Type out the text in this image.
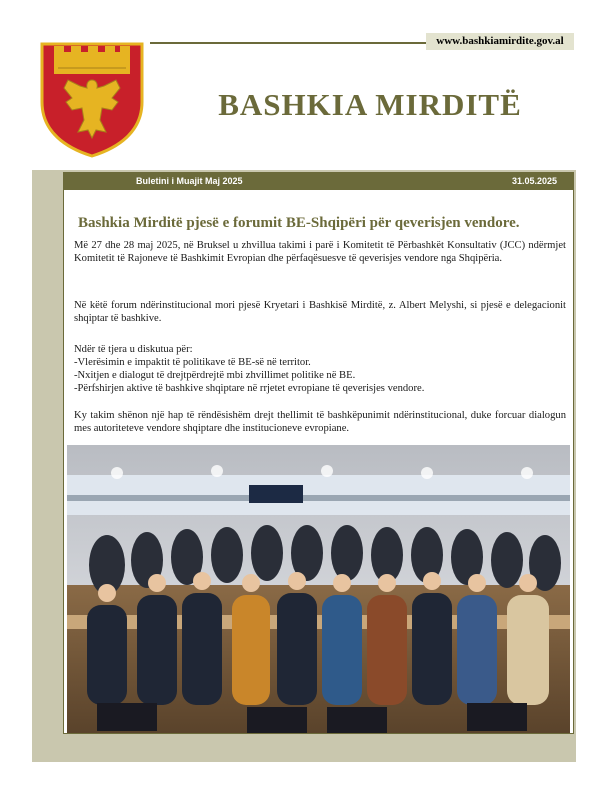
www.bashkiamirdite.gov.al
BASHKIA MIRDITË
Buletini i Muajit Maj 2025	31.05.2025
Bashkia Mirditë pjesë e forumit BE-Shqipëri për qeverisjen vendore.

Më 27 dhe 28 maj 2025, në Bruksel u zhvillua takimi i parë i Komitetit të Përbashkët Konsultativ (JCC) ndërmjet Komitetit të Rajoneve të Bashkimit Evropian dhe përfaqësuesve të qeverisjes vendore nga Shqipëria.

Në këtë forum ndërinstitucional mori pjesë Kryetari i Bashkisë Mirditë, z. Albert Melyshi, si pjesë e delegacionit shqiptar të bashkive.

Ndër të tjera u diskutua për:
-Vlerësimin e impaktit të politikave të BE-së në territor.
-Nxitjen e dialogut të drejtpërdrejtë mbi zhvillimet politike në BE.
-Përfshirjen aktive të bashkive shqiptare në rrjetet evropiane të qeverisjes vendore.

Ky takim shënon një hap të rëndësishëm drejt thellimit të bashkëpunimit ndërinstitucional, duke forcuar dialogun mes autoriteteve vendore shqiptare dhe institucioneve evropiane.
